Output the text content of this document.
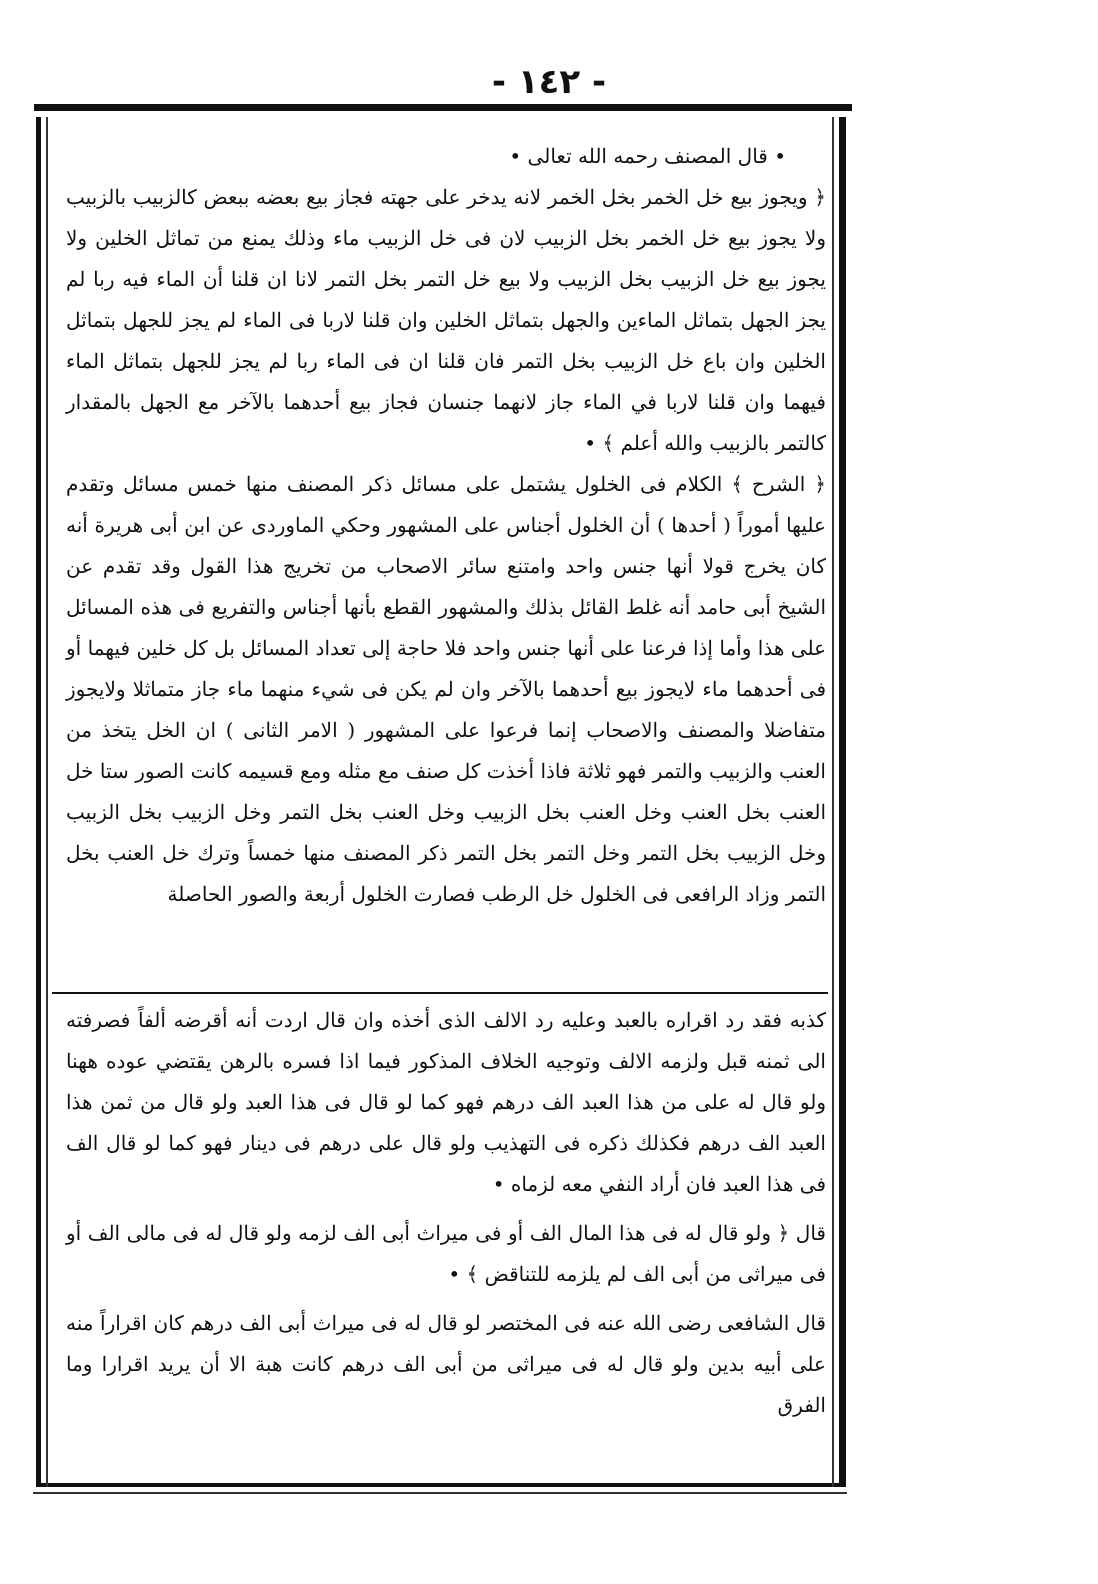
- ١٤٢ -

• قال المصنف رحمه الله تعالى •

﴿ ويجوز بيع خل الخمر بخل الخمر لانه يدخر على جهته فجاز بيع بعضه ببعض كالزبيب بالزبيب ولا يجوز بيع خل الخمر بخل الزبيب لان فى خل الزبيب ماء وذلك يمنع من تماثل الخلين ولا يجوز بيع خل الزبيب بخل الزبيب ولا بيع خل التمر بخل التمر لانا ان قلنا أن الماء فيه ربا لم يجز الجهل بتماثل الماءين والجهل بتماثل الخلين وان قلنا لاربا فى الماء لم يجز للجهل بتماثل الخلين وان باع خل الزبيب بخل التمر فان قلنا ان فى الماء ربا لم يجز للجهل بتماثل الماء فيهما وان قلنا لاربا في الماء جاز لانهما جنسان فجاز بيع أحدهما بالآخر مع الجهل بالمقدار كالتمر بالزبيب والله أعلم ﴾ •

﴿ الشرح ﴾ الكلام فى الخلول يشتمل على مسائل ذكر المصنف منها خمس مسائل وتقدم عليها أموراً ( أحدها ) أن الخلول أجناس على المشهور وحكي الماوردى عن ابن أبى هريرة أنه كان يخرج قولا أنها جنس واحد وامتنع سائر الاصحاب من تخريج هذا القول وقد تقدم عن الشيخ أبى حامد أنه غلط القائل بذلك والمشهور القطع بأنها أجناس والتفريع فى هذه المسائل على هذا وأما إذا فرعنا على أنها جنس واحد فلا حاجة إلى تعداد المسائل بل كل خلين فيهما أو فى أحدهما ماء لايجوز بيع أحدهما بالآخر وان لم يكن فى شيء منهما ماء جاز متماثلا ولايجوز متفاضلا والمصنف والاصحاب إنما فرعوا على المشهور ( الامر الثانى ) ان الخل يتخذ من العنب والزبيب والتمر فهو ثلاثة فاذا أخذت كل صنف مع مثله ومع قسيمه كانت الصور ستا خل العنب بخل العنب وخل العنب بخل الزبيب وخل العنب بخل التمر وخل الزبيب بخل الزبيب وخل الزبيب بخل التمر وخل التمر بخل التمر ذكر المصنف منها خمساً وترك خل العنب بخل التمر وزاد الرافعى فى الخلول خل الرطب فصارت الخلول أربعة والصور الحاصلة

كذبه فقد رد اقراره بالعبد وعليه رد الالف الذى أخذه وان قال اردت أنه أقرضه ألفاً فصرفته الى ثمنه قبل ولزمه الالف وتوجيه الخلاف المذكور فيما اذا فسره بالرهن يقتضي عوده ههنا ولو قال له على من هذا العبد الف درهم فهو كما لو قال فى هذا العبد ولو قال من ثمن هذا العبد الف درهم فكذلك ذكره فى التهذيب ولو قال على درهم فى دينار فهو كما لو قال الف فى هذا العبد فان أراد النفي معه لزماه •

قال ﴿ ولو قال له فى هذا المال الف أو فى ميراث أبى الف لزمه ولو قال له فى مالى الف أو فى ميراثى من أبى الف لم يلزمه للتناقض ﴾ •

قال الشافعى رضى الله عنه فى المختصر لو قال له فى ميراث أبى الف درهم كان اقراراً منه على أبيه بدين ولو قال له فى ميراثى من أبى الف درهم كانت هبة الا أن يريد اقرارا وما الفرق
